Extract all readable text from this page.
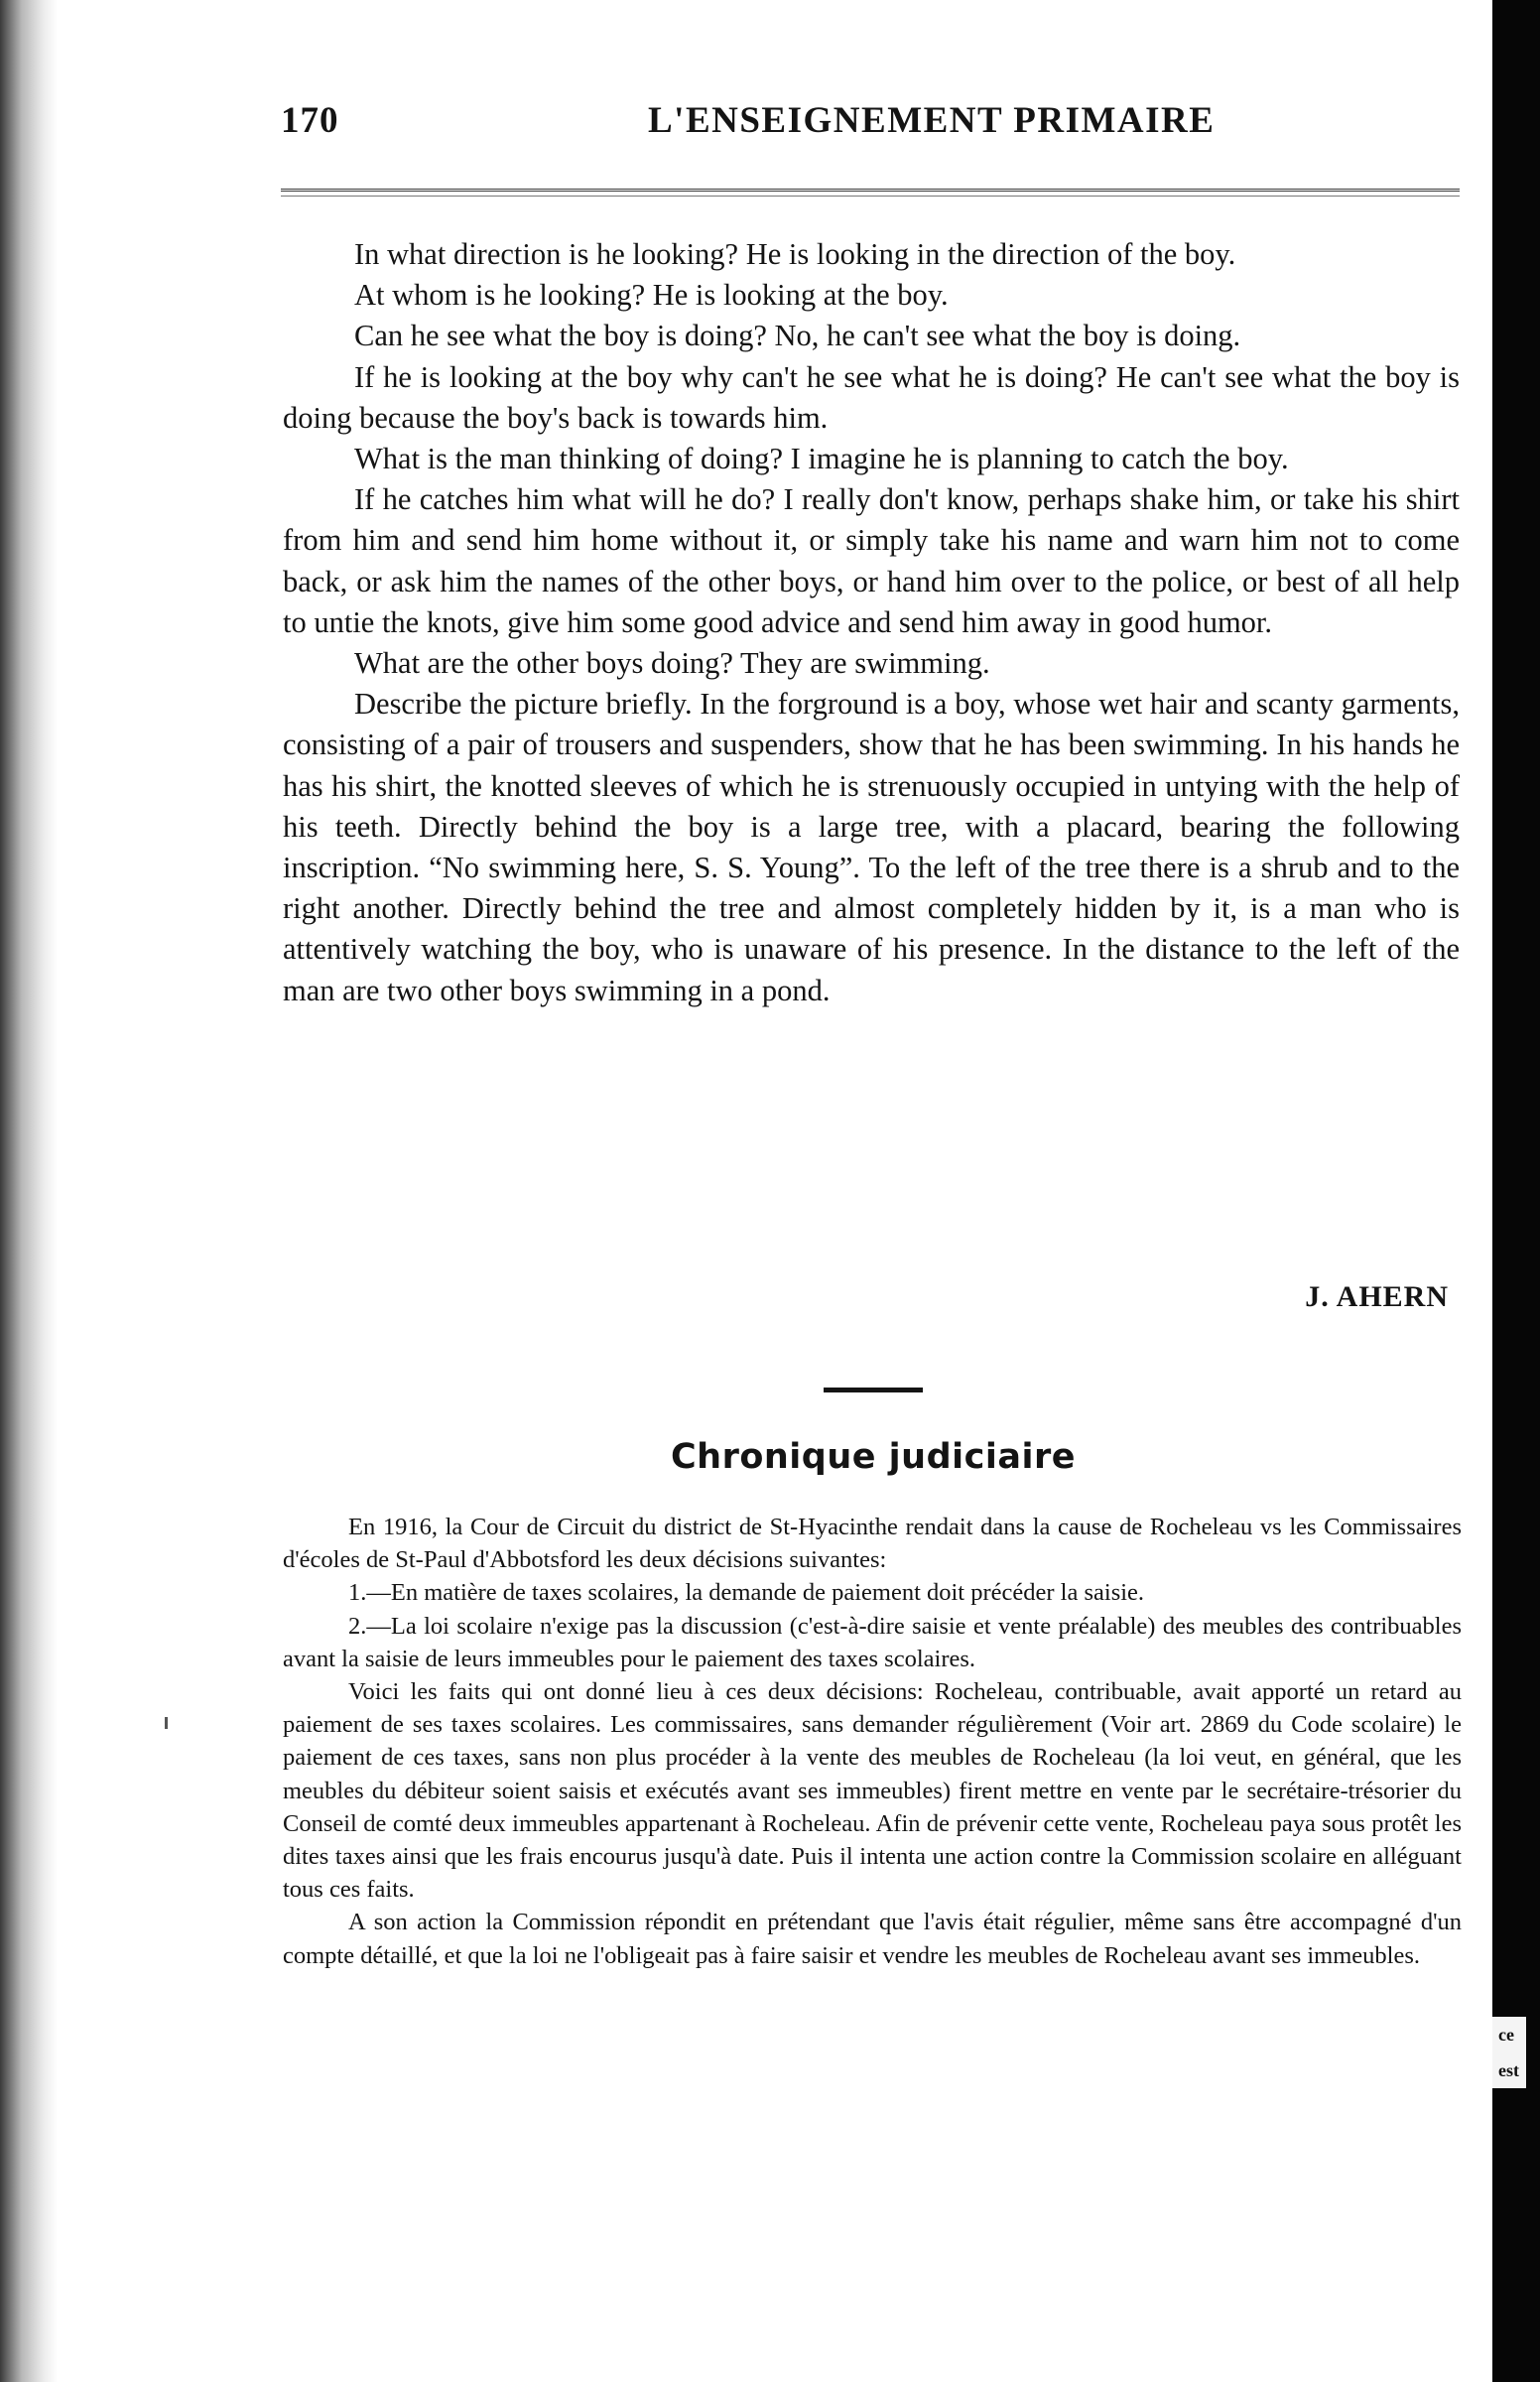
ce
est
170	L'ENSEIGNEMENT PRIMAIRE

In what direction is he looking? He is looking in the direction of the boy.

At whom is he looking? He is looking at the boy.

Can he see what the boy is doing? No, he can't see what the boy is doing.

If he is looking at the boy why can't he see what he is doing? He can't see what the boy is doing because the boy's back is towards him.

What is the man thinking of doing? I imagine he is planning to catch the boy.

If he catches him what will he do? I really don't know, perhaps shake him, or take his shirt from him and send him home without it, or simply take his name and warn him not to come back, or ask him the names of the other boys, or hand him over to the police, or best of all help to untie the knots, give him some good advice and send him away in good humor.

What are the other boys doing? They are swimming.

Describe the picture briefly. In the forground is a boy, whose wet hair and scanty garments, consisting of a pair of trousers and suspenders, show that he has been swimming. In his hands he has his shirt, the knotted sleeves of which he is strenuously occupied in untying with the help of his teeth. Directly behind the boy is a large tree, with a placard, bearing the following inscription. “No swimming here, S. S. Young”. To the left of the tree there is a shrub and to the right another. Directly behind the tree and almost completely hidden by it, is a man who is attentively watching the boy, who is unaware of his presence. In the distance to the left of the man are two other boys swimming in a pond.

J. AHERN
Chronique judiciaire

En 1916, la Cour de Circuit du district de St-Hyacinthe rendait dans la cause de Rocheleau vs les Commissaires d'écoles de St-Paul d'Abbotsford les deux décisions suivantes:

1.—En matière de taxes scolaires, la demande de paiement doit précéder la saisie.

2.—La loi scolaire n'exige pas la discussion (c'est-à-dire saisie et vente préalable) des meubles des contribuables avant la saisie de leurs immeubles pour le paiement des taxes scolaires.

Voici les faits qui ont donné lieu à ces deux décisions: Rocheleau, contribuable, avait apporté un retard au paiement de ses taxes scolaires. Les commissaires, sans demander régulièrement (Voir art. 2869 du Code scolaire) le paiement de ces taxes, sans non plus procéder à la vente des meubles de Rocheleau (la loi veut, en général, que les meubles du débiteur soient saisis et exécutés avant ses immeubles) firent mettre en vente par le secrétaire-trésorier du Conseil de comté deux immeubles appartenant à Rocheleau. Afin de prévenir cette vente, Rocheleau paya sous protêt les dites taxes ainsi que les frais encourus jusqu'à date. Puis il intenta une action contre la Commission scolaire en alléguant tous ces faits.

A son action la Commission répondit en prétendant que l'avis était régulier, même sans être accompagné d'un compte détaillé, et que la loi ne l'obligeait pas à faire saisir et vendre les meubles de Rocheleau avant ses immeubles.
